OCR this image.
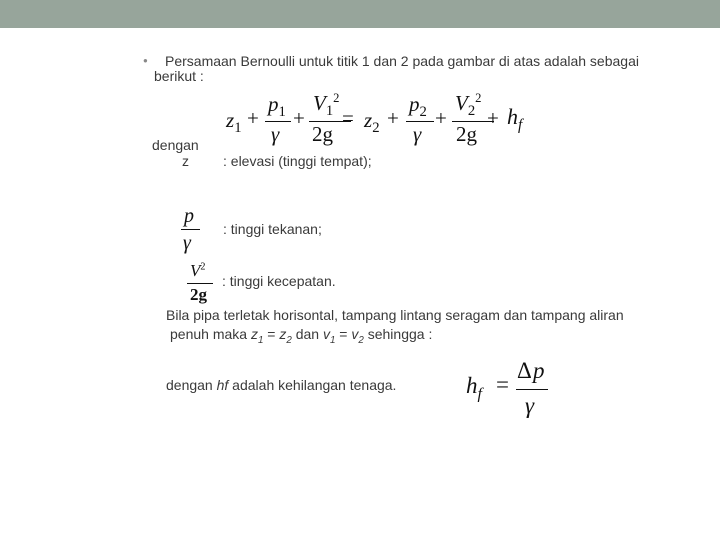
● Persamaan Bernoulli untuk titik 1 dan 2 pada gambar di atas adalah sebagai
berikut :
$z_1$ +
$p_1$
γ
+
$V_1^2$
2g
= $z_2$ +
$p_2$
γ
+
$V_2^2$
2g
+ $h_f$
dengan
z : elevasi (tinggi tempat);
p
γ
: tinggi tekanan;
$V^2$
2g
: tinggi kecepatan.
Bila pipa terletak horisontal, tampang lintang seragam dan tampang aliran
penuh maka $z_1 = z_2$ dan $v_1 = v_2$ sehingga :
dengan hf adalah kehilangan tenaga.	$h_f$ =
Δ p
γ
